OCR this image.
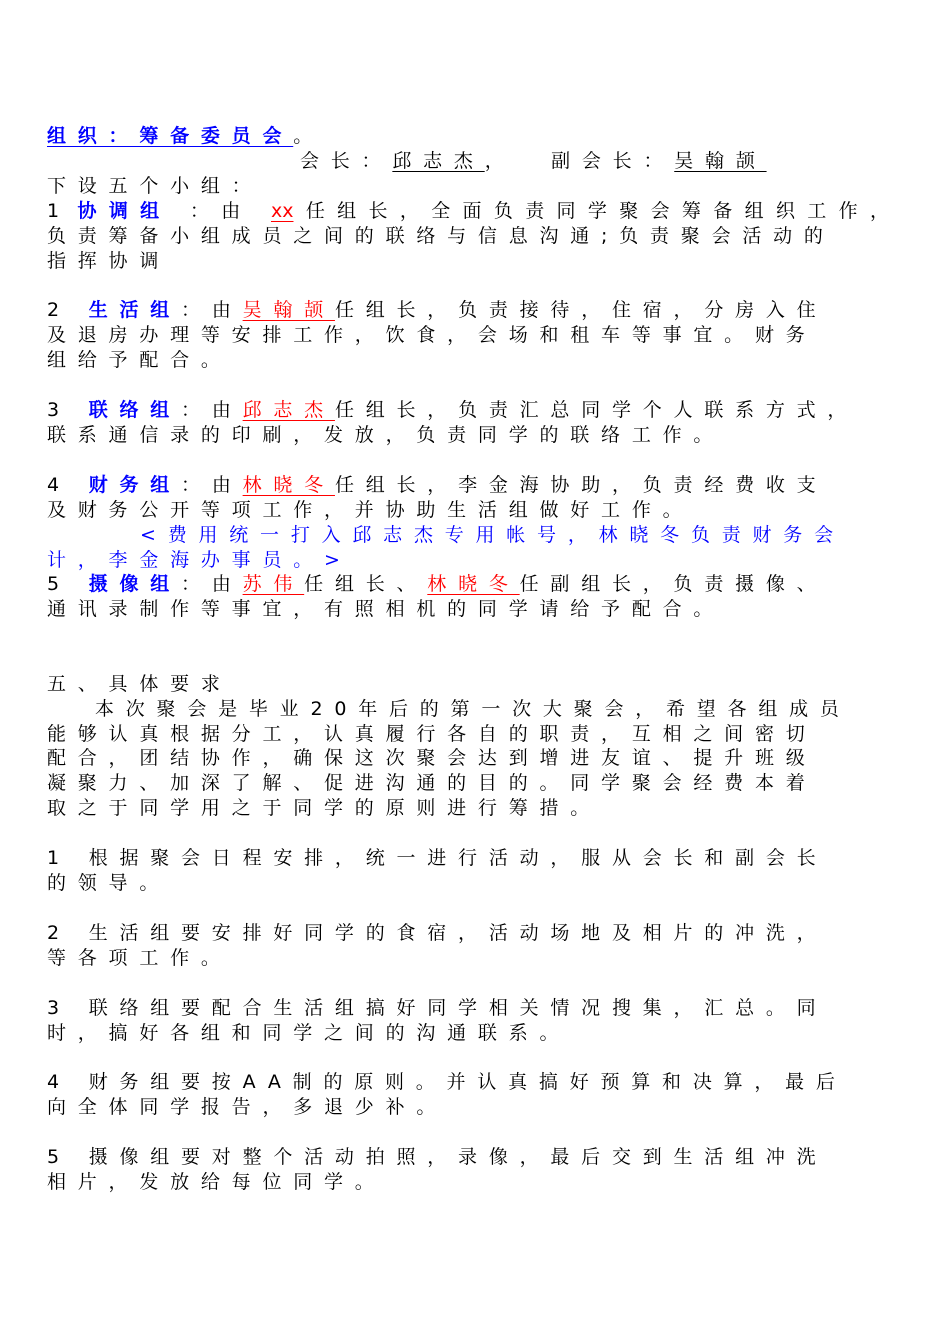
组织：筹备委员会。
会长：邱志杰， 副会长：吴翰颉
下设五个小组：
1 协调组 ：由 xx任组长，全面负责同学聚会筹备组织工作，
负责筹备小组成员之间的联络与信息沟通;负责聚会活动的
指挥协调
2 生活组：由吴翰颉任组长，负责接待，住宿，分房入住
及退房办理等安排工作，饮食，会场和租车等事宜。财务
组给予配合。
3 联络组：由邱志杰任组长，负责汇总同学个人联系方式，
联系通信录的印刷，发放，负责同学的联络工作。
4 财务组：由林晓冬任组长，李金海协助，负责经费收支
及财务公开等项工作，并协助生活组做好工作。
<费用统一打入邱志杰专用帐号，林晓冬负责财务会
计，李金海办事员。>
5 摄像组：由苏伟任组长、林晓冬任副组长，负责摄像、
通讯录制作等事宜，有照相机的同学请给予配合。
五、具体要求
本次聚会是毕业20年后的第一次大聚会，希望各组成员
能够认真根据分工，认真履行各自的职责，互相之间密切
配合，团结协作，确保这次聚会达到增进友谊、提升班级
凝聚力、加深了解、促进沟通的目的。同学聚会经费本着
取之于同学用之于同学的原则进行筹措。
1 根据聚会日程安排，统一进行活动，服从会长和副会长
的领导。
2 生活组要安排好同学的食宿，活动场地及相片的冲洗，
等各项工作。
3 联络组要配合生活组搞好同学相关情况搜集，汇总。同
时，搞好各组和同学之间的沟通联系。
4 财务组要按AA制的原则。并认真搞好预算和决算，最后
向全体同学报告，多退少补。
5 摄像组要对整个活动拍照，录像，最后交到生活组冲洗
相片，发放给每位同学。
